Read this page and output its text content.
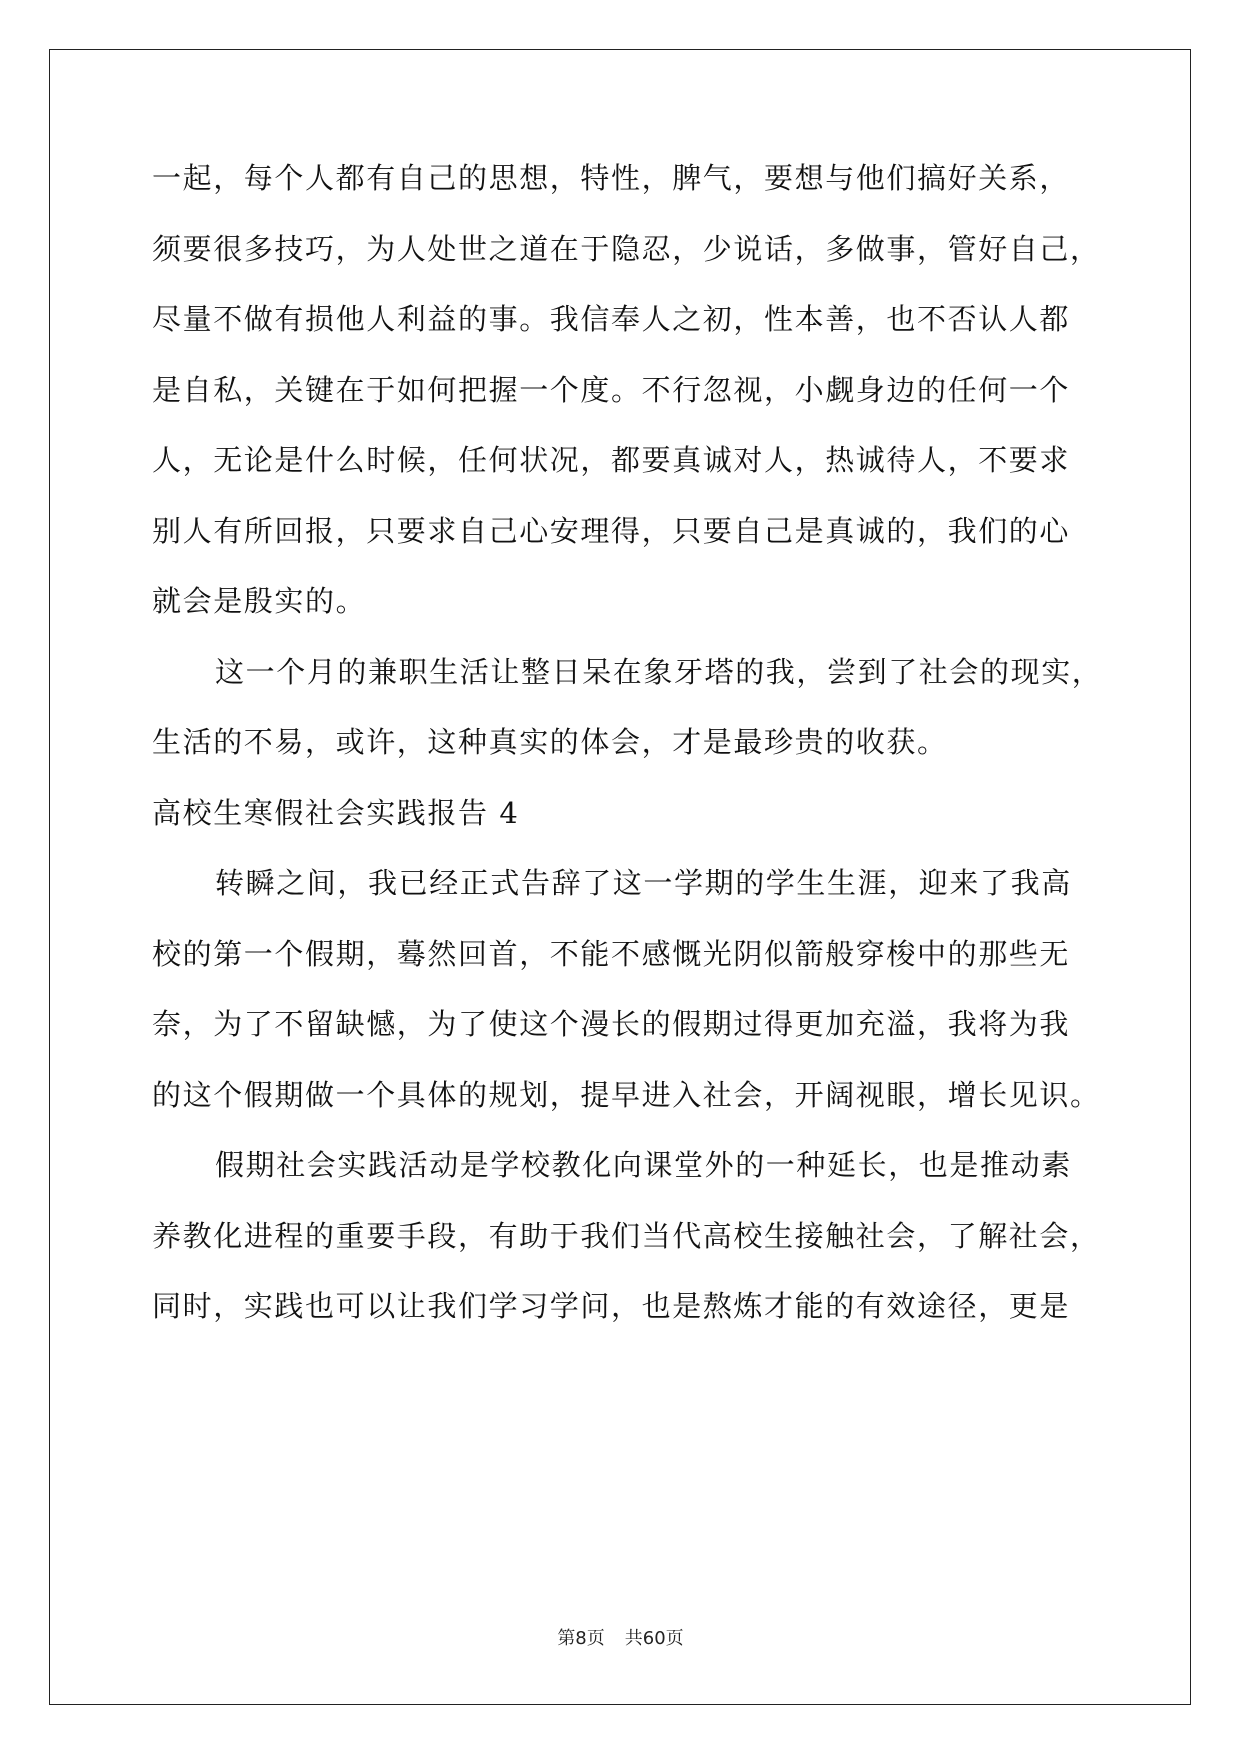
一起，每个人都有自己的思想，特性，脾气，要想与他们搞好关系，

须要很多技巧，为人处世之道在于隐忍，少说话，多做事，管好自己，

尽量不做有损他人利益的事。我信奉人之初，性本善，也不否认人都

是自私，关键在于如何把握一个度。不行忽视，小觑身边的任何一个

人，无论是什么时候，任何状况，都要真诚对人，热诚待人，不要求

别人有所回报，只要求自己心安理得，只要自己是真诚的，我们的心

就会是殷实的。

这一个月的兼职生活让整日呆在象牙塔的我，尝到了社会的现实，

生活的不易，或许，这种真实的体会，才是最珍贵的收获。

高校生寒假社会实践报告 4

转瞬之间，我已经正式告辞了这一学期的学生生涯，迎来了我高

校的第一个假期，蓦然回首，不能不感慨光阴似箭般穿梭中的那些无

奈，为了不留缺憾，为了使这个漫长的假期过得更加充溢，我将为我

的这个假期做一个具体的规划，提早进入社会，开阔视眼，增长见识。

假期社会实践活动是学校教化向课堂外的一种延长，也是推动素

养教化进程的重要手段，有助于我们当代高校生接触社会，了解社会，

同时，实践也可以让我们学习学问，也是熬炼才能的有效途径，更是

第8页 共60页
